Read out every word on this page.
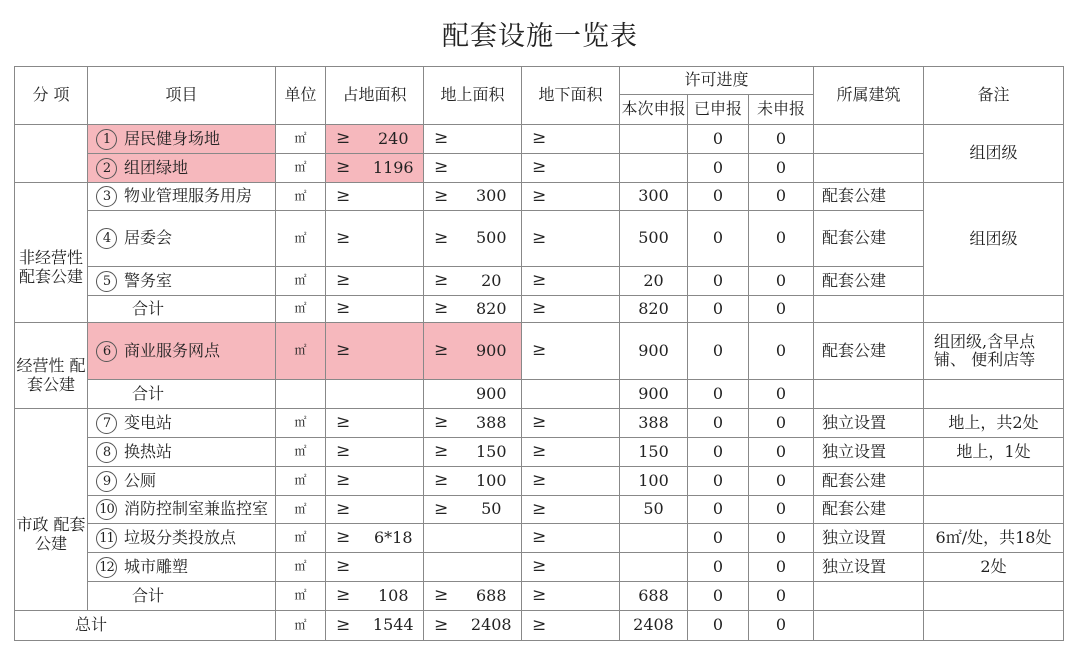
配套设施一览表
分 项	项目	单位	占地面积		地上面积		地下面积		许可进度			所属建筑	备注
									本次申报	已申报	未申报		
	1 居民健身场地	㎡	≥	240	≥		≥			0	0		组团级
	2 组团绿地	㎡	≥	1196	≥		≥			0	0		
非经营性 配套公建	3 物业管理服务用房	㎡	≥		≥	300	≥		300	0	0	配套公建	组团级
	4 居委会	㎡	≥		≥	500	≥		500	0	0	配套公建	
	5 警务室	㎡	≥		≥	20	≥		20	0	0	配套公建	
	合计	㎡	≥		≥	820	≥		820	0	0		
经营性 配套公建	6 商业服务网点	㎡	≥		≥	900	≥		900	0	0	配套公建	组团级,含早点铺、 便利店等
	合计					900			900	0	0		
市政 配套公建	7 变电站	㎡	≥		≥	388	≥		388	0	0	独立设置	地上，共2处
	8 换热站	㎡	≥		≥	150	≥		150	0	0	独立设置	地上，1处
	9 公厕	㎡	≥		≥	100	≥		100	0	0	配套公建	
	10 消防控制室兼监控室	㎡	≥		≥	50	≥		50	0	0	配套公建	
	11 垃圾分类投放点	㎡	≥	6*18			≥			0	0	独立设置	6㎡/处，共18处
	12 城市雕塑	㎡	≥				≥			0	0	独立设置	2处
	合计	㎡	≥	108	≥	688	≥		688	0	0		
总计		㎡	≥	1544	≥	2408	≥		2408	0	0		
